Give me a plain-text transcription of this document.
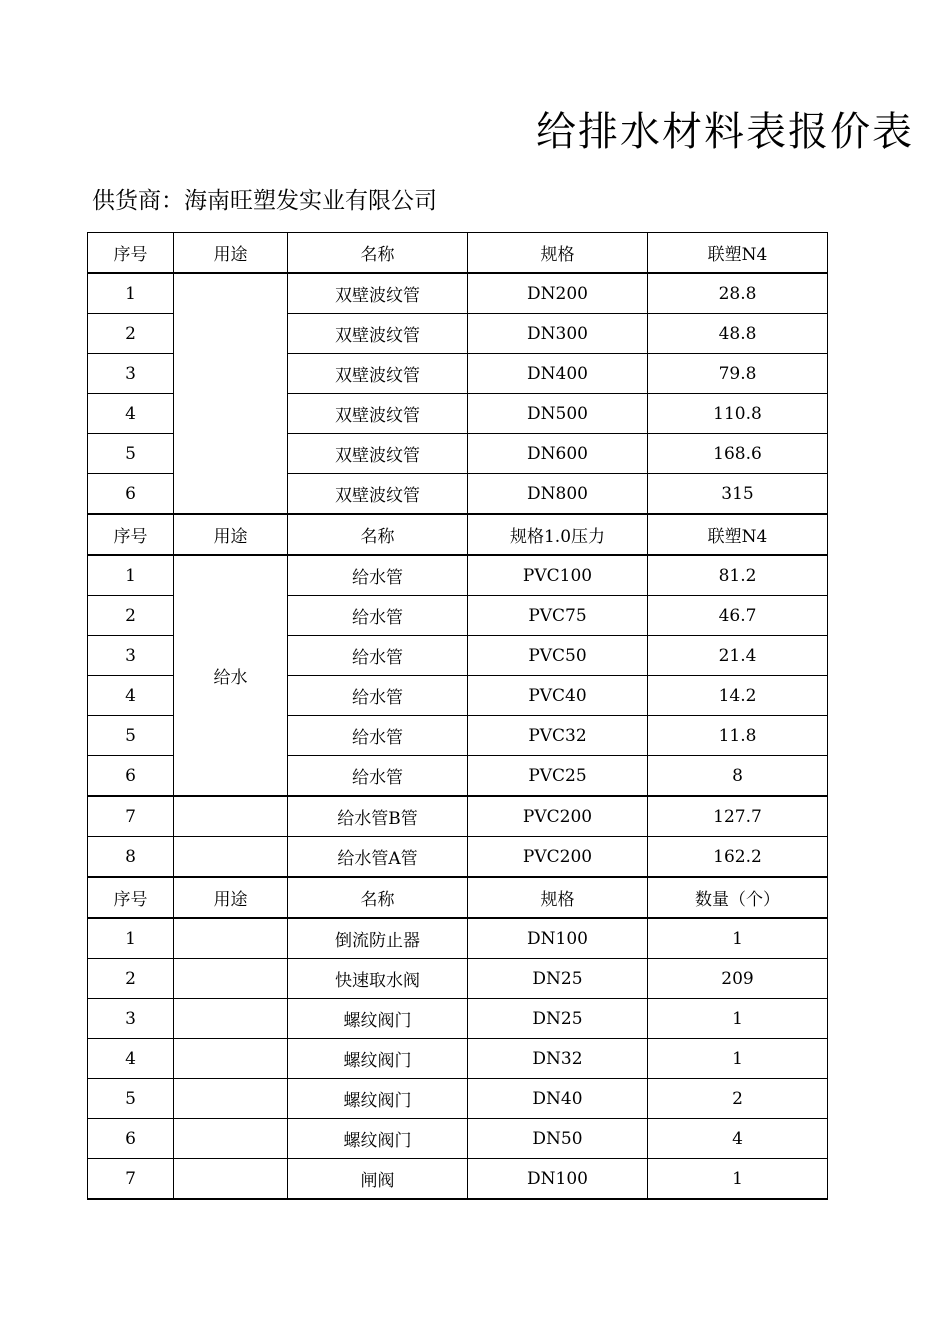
给排水材料表报价表
供货商：海南旺塑发实业有限公司
序号	用途	名称	规格	联塑N4
1		双壁波纹管	DN200	28.8
2		双壁波纹管	DN300	48.8
3		双壁波纹管	DN400	79.8
4		双壁波纹管	DN500	110.8
5		双壁波纹管	DN600	168.6
6		双壁波纹管	DN800	315
序号	用途	名称	规格1.0压力	联塑N4
1	给水	给水管	PVC100	81.2
2		给水管	PVC75	46.7
3		给水管	PVC50	21.4
4		给水管	PVC40	14.2
5		给水管	PVC32	11.8
6		给水管	PVC25	8
7		给水管B管	PVC200	127.7
8		给水管A管	PVC200	162.2
序号	用途	名称	规格	数量（个）
1		倒流防止器	DN100	1
2		快速取水阀	DN25	209
3		螺纹阀门	DN25	1
4		螺纹阀门	DN32	1
5		螺纹阀门	DN40	2
6		螺纹阀门	DN50	4
7		闸阀	DN100	1
